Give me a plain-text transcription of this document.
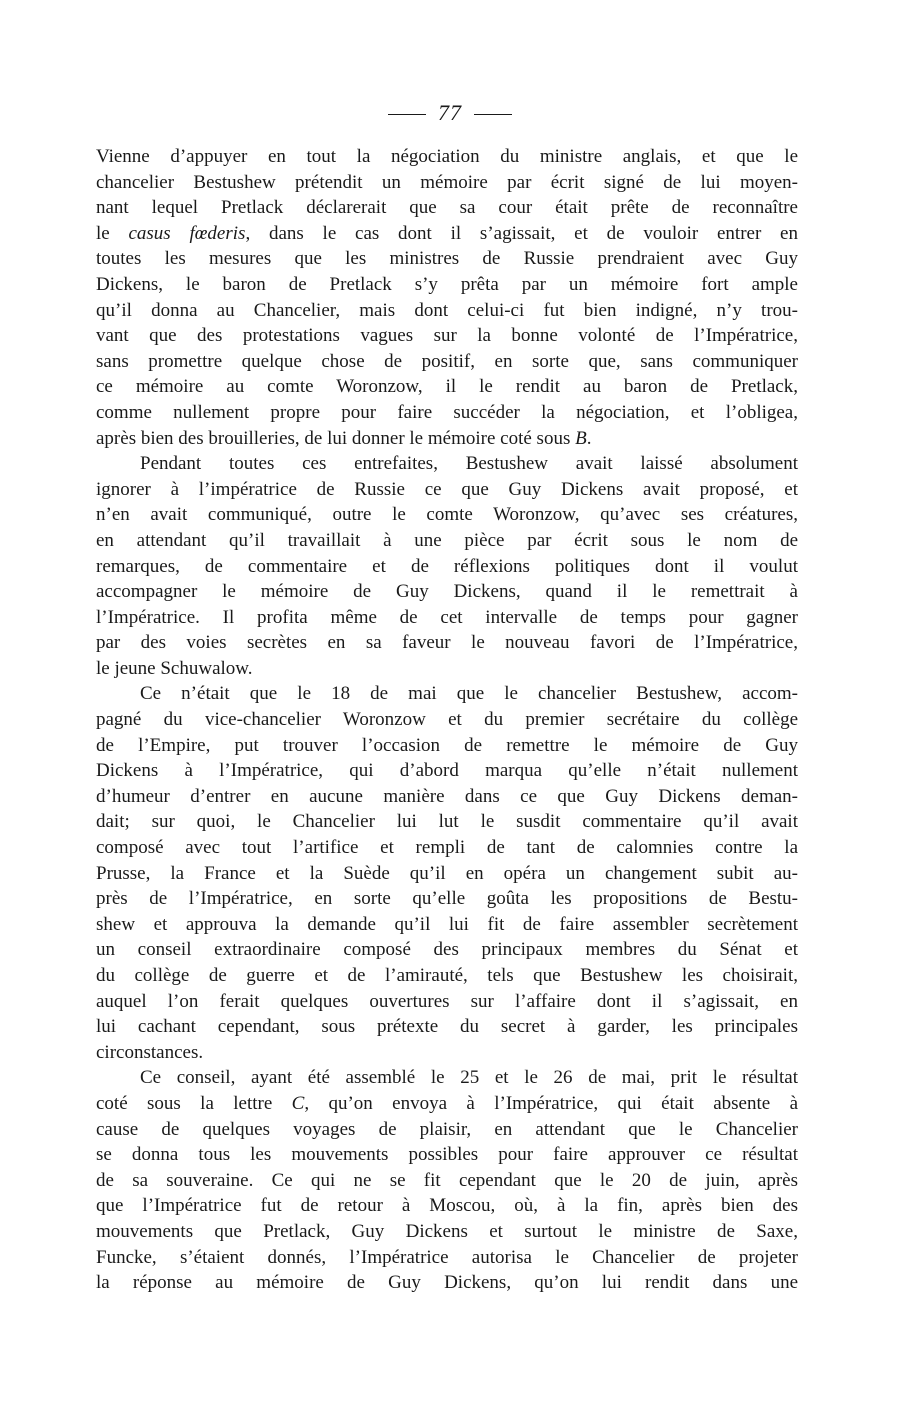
77
Vienne d’appuyer en tout la négociation du ministre anglais, et que le
chancelier Bestushew prétendit un mémoire par écrit signé de lui moyen-
nant lequel Pretlack déclarerait que sa cour était prête de reconnaître
le casus fœderis, dans le cas dont il s’agissait, et de vouloir entrer en
toutes les mesures que les ministres de Russie prendraient avec Guy
Dickens, le baron de Pretlack s’y prêta par un mémoire fort ample
qu’il donna au Chancelier, mais dont celui-ci fut bien indigné, n’y trou-
vant que des protestations vagues sur la bonne volonté de l’Impératrice,
sans promettre quelque chose de positif, en sorte que, sans communiquer
ce mémoire au comte Woronzow, il le rendit au baron de Pretlack,
comme nullement propre pour faire succéder la négociation, et l’obligea,
après bien des brouilleries, de lui donner le mémoire coté sous B.
Pendant toutes ces entrefaites, Bestushew avait laissé absolument
ignorer à l’impératrice de Russie ce que Guy Dickens avait proposé, et
n’en avait communiqué, outre le comte Woronzow, qu’avec ses créatures,
en attendant qu’il travaillait à une pièce par écrit sous le nom de
remarques, de commentaire et de réflexions politiques dont il voulut
accompagner le mémoire de Guy Dickens, quand il le remettrait à
l’Impératrice. Il profita même de cet intervalle de temps pour gagner
par des voies secrètes en sa faveur le nouveau favori de l’Impératrice,
le jeune Schuwalow.
Ce n’était que le 18 de mai que le chancelier Bestushew, accom-
pagné du vice-chancelier Woronzow et du premier secrétaire du collège
de l’Empire, put trouver l’occasion de remettre le mémoire de Guy
Dickens à l’Impératrice, qui d’abord marqua qu’elle n’était nullement
d’humeur d’entrer en aucune manière dans ce que Guy Dickens deman-
dait; sur quoi, le Chancelier lui lut le susdit commentaire qu’il avait
composé avec tout l’artifice et rempli de tant de calomnies contre la
Prusse, la France et la Suède qu’il en opéra un changement subit au-
près de l’Impératrice, en sorte qu’elle goûta les propositions de Bestu-
shew et approuva la demande qu’il lui fit de faire assembler secrètement
un conseil extraordinaire composé des principaux membres du Sénat et
du collège de guerre et de l’amirauté, tels que Bestushew les choisirait,
auquel l’on ferait quelques ouvertures sur l’affaire dont il s’agissait, en
lui cachant cependant, sous prétexte du secret à garder, les principales
circonstances.
Ce conseil, ayant été assemblé le 25 et le 26 de mai, prit le résultat
coté sous la lettre C, qu’on envoya à l’Impératrice, qui était absente à
cause de quelques voyages de plaisir, en attendant que le Chancelier
se donna tous les mouvements possibles pour faire approuver ce résultat
de sa souveraine. Ce qui ne se fit cependant que le 20 de juin, après
que l’Impératrice fut de retour à Moscou, où, à la fin, après bien des
mouvements que Pretlack, Guy Dickens et surtout le ministre de Saxe,
Funcke, s’étaient donnés, l’Impératrice autorisa le Chancelier de projeter
la réponse au mémoire de Guy Dickens, qu’on lui rendit dans une
